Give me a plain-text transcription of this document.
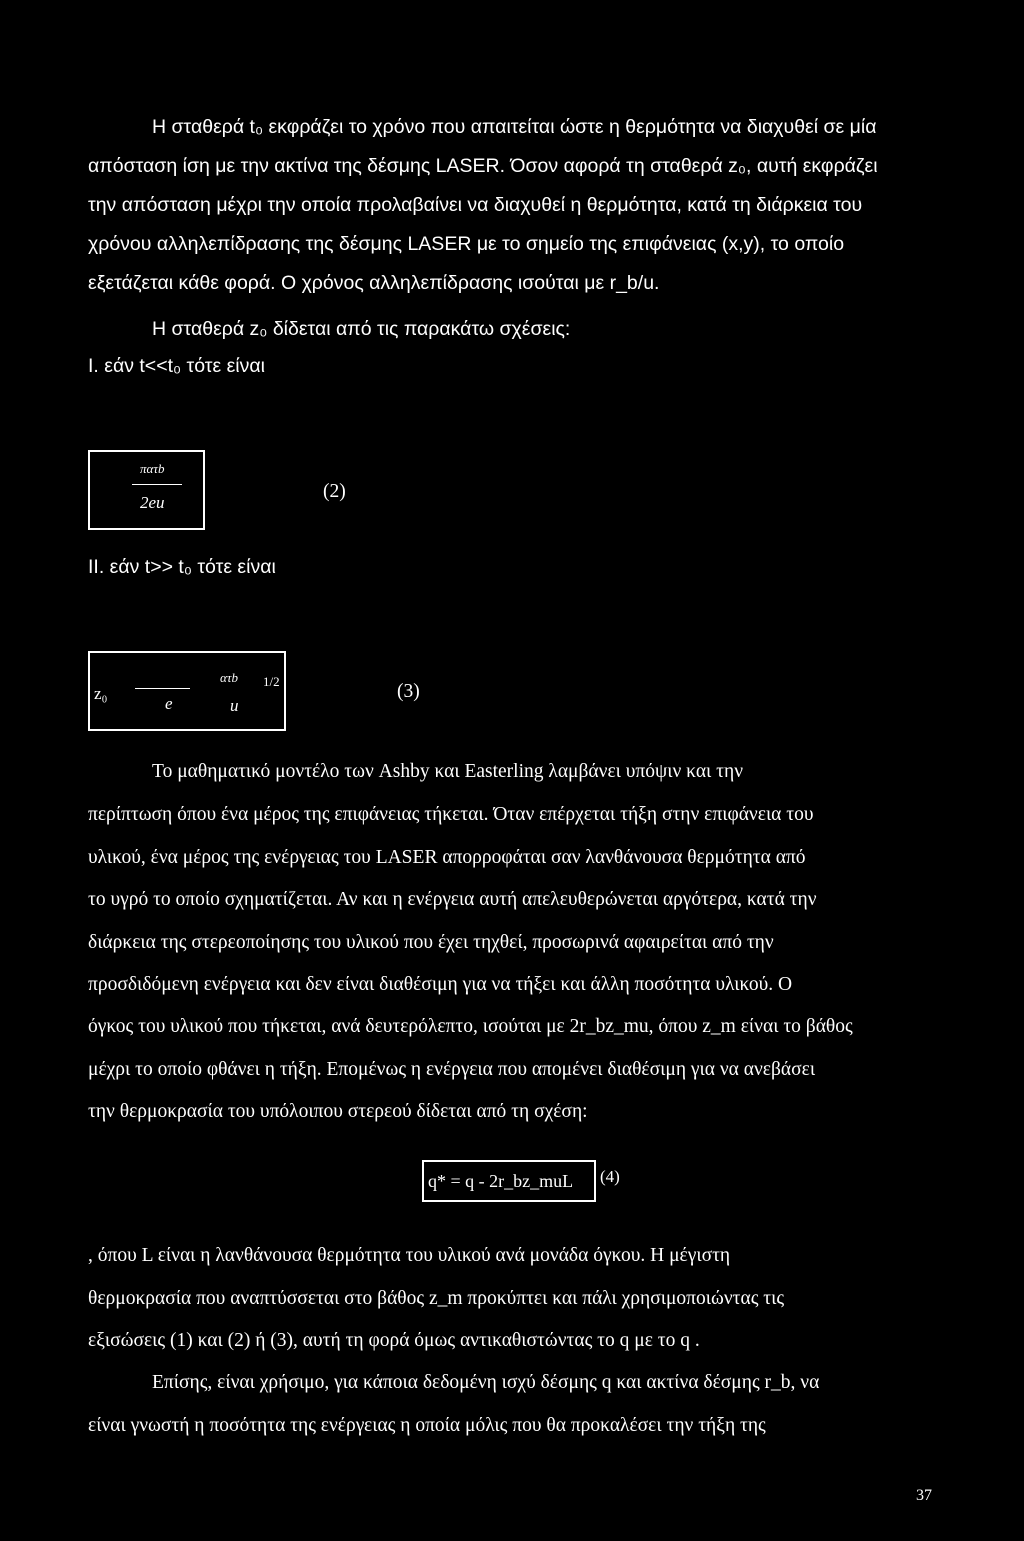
Η σταθερά t₀ εκφράζει το χρόνο που απαιτείται ώστε η θερμότητα να διαχυθεί σε μία
απόσταση ίση με την ακτίνα της δέσμης LASER. Όσον αφορά τη σταθερά z₀, αυτή εκφράζει
την απόσταση μέχρι την οποία προλαβαίνει να διαχυθεί η θερμότητα, κατά τη διάρκεια του
χρόνου αλληλεπίδρασης της δέσμης LASER με το σημείο της επιφάνειας (x,y), το οποίο
εξετάζεται κάθε φορά. Ο χρόνος αλληλεπίδρασης ισούται με r_b/u.
Η σταθερά z₀ δίδεται από τις παρακάτω σχέσεις:
I. εάν t<<t₀ τότε είναι
πατb
2eu
(2)
II. εάν t>> t₀ τότε είναι
z₀
ατb 1/2
e	u
(3)
Το μαθηματικό μοντέλο των Ashby και Easterling λαμβάνει υπόψιν και την
περίπτωση όπου ένα μέρος της επιφάνειας τήκεται. Όταν επέρχεται τήξη στην επιφάνεια του
υλικού, ένα μέρος της ενέργειας του LASER απορροφάται σαν λανθάνουσα θερμότητα από
το υγρό το οποίο σχηματίζεται. Αν και η ενέργεια αυτή απελευθερώνεται αργότερα, κατά την
διάρκεια της στερεοποίησης του υλικού που έχει τηχθεί, προσωρινά αφαιρείται από την
προσδιδόμενη ενέργεια και δεν είναι διαθέσιμη για να τήξει και άλλη ποσότητα υλικού. Ο
όγκος του υλικού που τήκεται, ανά δευτερόλεπτο, ισούται με 2r_bz_mu, όπου z_m είναι το βάθος
μέχρι το οποίο φθάνει η τήξη. Επομένως η ενέργεια που απομένει διαθέσιμη για να ανεβάσει
την θερμοκρασία του υπόλοιπου στερεού δίδεται από τη σχέση:
q* = q - 2r_bz_muL (4)
, όπου L είναι η λανθάνουσα θερμότητα του υλικού ανά μονάδα όγκου. Η μέγιστη
θερμοκρασία που αναπτύσσεται στο βάθος z_m προκύπτει και πάλι χρησιμοποιώντας τις
εξισώσεις (1) και (2) ή (3), αυτή τη φορά όμως αντικαθιστώντας το q με το q .
Επίσης, είναι χρήσιμο, για κάποια δεδομένη ισχύ δέσμης q και ακτίνα δέσμης r_b, να
είναι γνωστή η ποσότητα της ενέργειας η οποία μόλις που θα προκαλέσει την τήξη της
37
